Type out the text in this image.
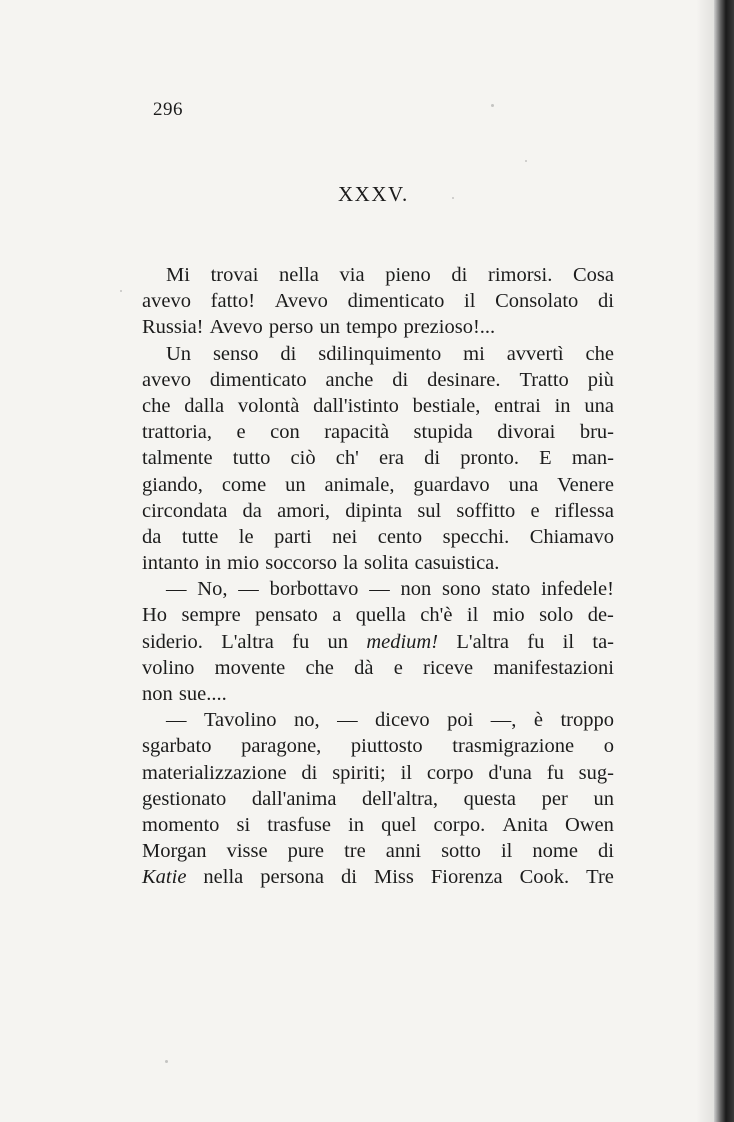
296
XXXV.
Mi trovai nella via pieno di rimorsi. Cosa
avevo fatto! Avevo dimenticato il Consolato di
Russia! Avevo perso un tempo prezioso!...
Un senso di sdilinquimento mi avvertì che
avevo dimenticato anche di desinare. Tratto più
che dalla volontà dall'istinto bestiale, entrai in una
trattoria, e con rapacità stupida divorai bru-
talmente tutto ciò ch' era di pronto. E man-
giando, come un animale, guardavo una Venere
circondata da amori, dipinta sul soffitto e riflessa
da tutte le parti nei cento specchi. Chiamavo
intanto in mio soccorso la solita casuistica.
— No, — borbottavo — non sono stato infedele!
Ho sempre pensato a quella ch'è il mio solo de-
siderio. L'altra fu un medium! L'altra fu il ta-
volino movente che dà e riceve manifestazioni
non sue....
— Tavolino no, — dicevo poi —, è troppo
sgarbato paragone, piuttosto trasmigrazione o
materializzazione di spiriti; il corpo d'una fu sug-
gestionato dall'anima dell'altra, questa per un
momento si trasfuse in quel corpo. Anita Owen
Morgan visse pure tre anni sotto il nome di
Katie nella persona di Miss Fiorenza Cook. Tre
